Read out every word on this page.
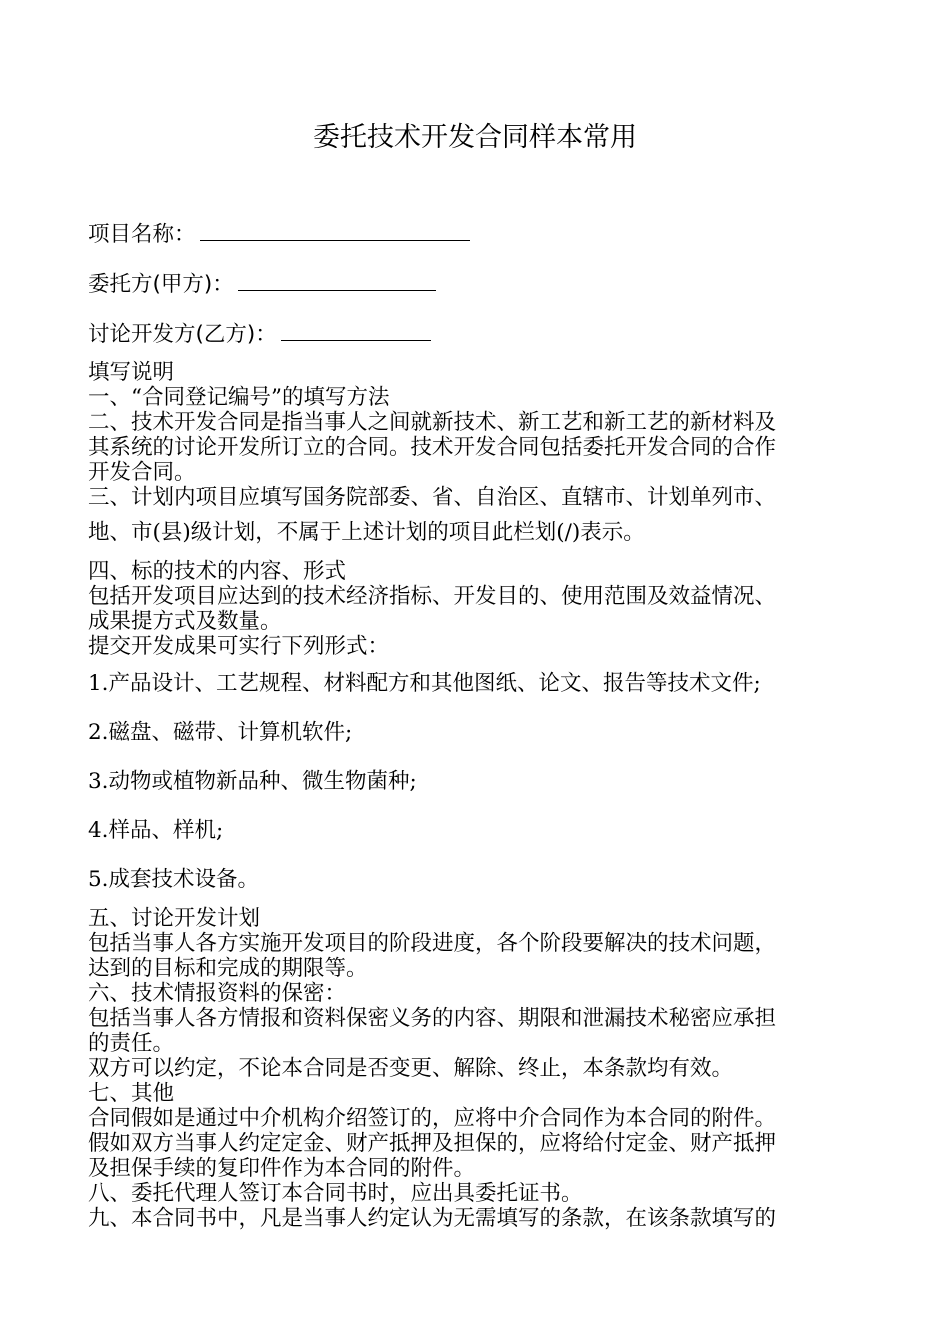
委托技术开发合同样本常用
项目名称：
委托方(甲方)：
讨论开发方(乙方)：
填写说明
一、“合同登记编号”的填写方法
二、技术开发合同是指当事人之间就新技术、新工艺和新工艺的新材料及
其系统的讨论开发所订立的合同。技术开发合同包括委托开发合同的合作
开发合同。
三、计划内项目应填写国务院部委、省、自治区、直辖市、计划单列市、
地、市(县)级计划，不属于上述计划的项目此栏划(/)表示。
四、标的技术的内容、形式
包括开发项目应达到的技术经济指标、开发目的、使用范围及效益情况、
成果提方式及数量。
提交开发成果可实行下列形式：
1.产品设计、工艺规程、材料配方和其他图纸、论文、报告等技术文件;
2.磁盘、磁带、计算机软件;
3.动物或植物新品种、微生物菌种;
4.样品、样机;
5.成套技术设备。
五、讨论开发计划
包括当事人各方实施开发项目的阶段进度，各个阶段要解决的技术问题，
达到的目标和完成的期限等。
六、技术情报资料的保密：
包括当事人各方情报和资料保密义务的内容、期限和泄漏技术秘密应承担
的责任。
双方可以约定，不论本合同是否变更、解除、终止，本条款均有效。
七、其他
合同假如是通过中介机构介绍签订的，应将中介合同作为本合同的附件。
假如双方当事人约定定金、财产抵押及担保的，应将给付定金、财产抵押
及担保手续的复印件作为本合同的附件。
八、委托代理人签订本合同书时，应出具委托证书。
九、本合同书中，凡是当事人约定认为无需填写的条款，在该条款填写的
